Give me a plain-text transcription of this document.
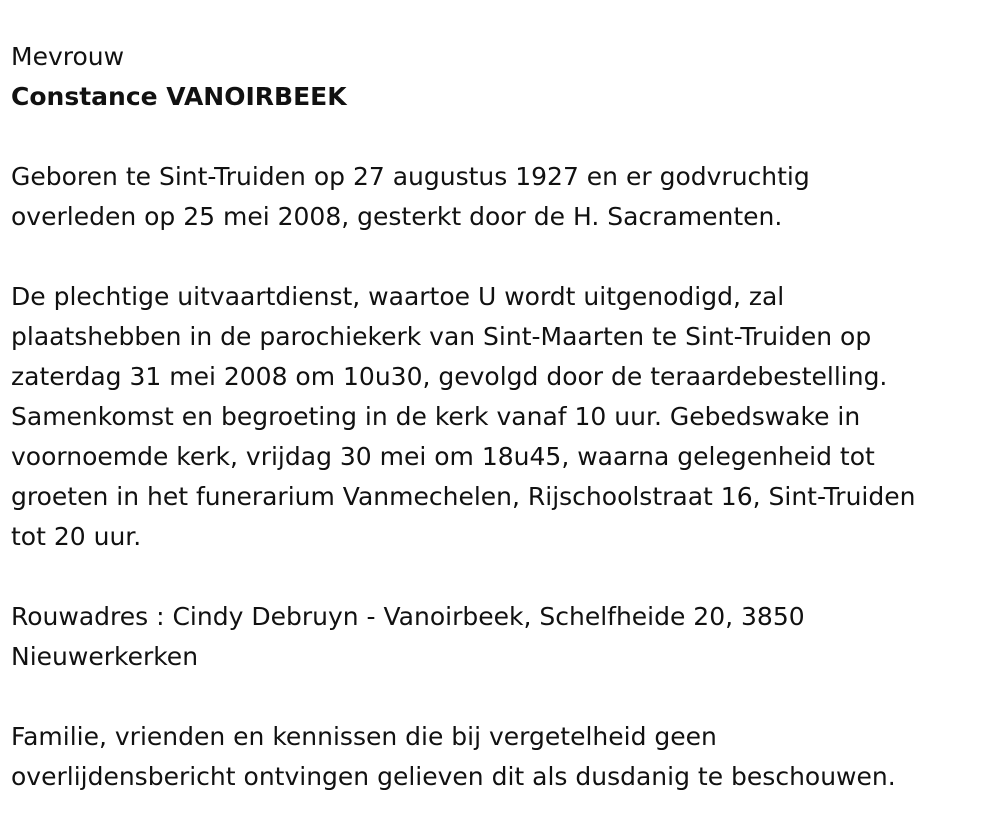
Mevrouw
Constance VANOIRBEEK
Geboren te Sint-Truiden op 27 augustus 1927 en er godvruchtig
overleden op 25 mei 2008, gesterkt door de H. Sacramenten.
De plechtige uitvaartdienst, waartoe U wordt uitgenodigd, zal
plaatshebben in de parochiekerk van Sint-Maarten te Sint-Truiden op
zaterdag 31 mei 2008 om 10u30, gevolgd door de teraardebestelling.
Samenkomst en begroeting in de kerk vanaf 10 uur. Gebedswake in
voornoemde kerk, vrijdag 30 mei om 18u45, waarna gelegenheid tot
groeten in het funerarium Vanmechelen, Rijschoolstraat 16, Sint-Truiden
tot 20 uur.
Rouwadres : Cindy Debruyn - Vanoirbeek, Schelfheide 20, 3850
Nieuwerkerken
Familie, vrienden en kennissen die bij vergetelheid geen
overlijdensbericht ontvingen gelieven dit als dusdanig te beschouwen.
